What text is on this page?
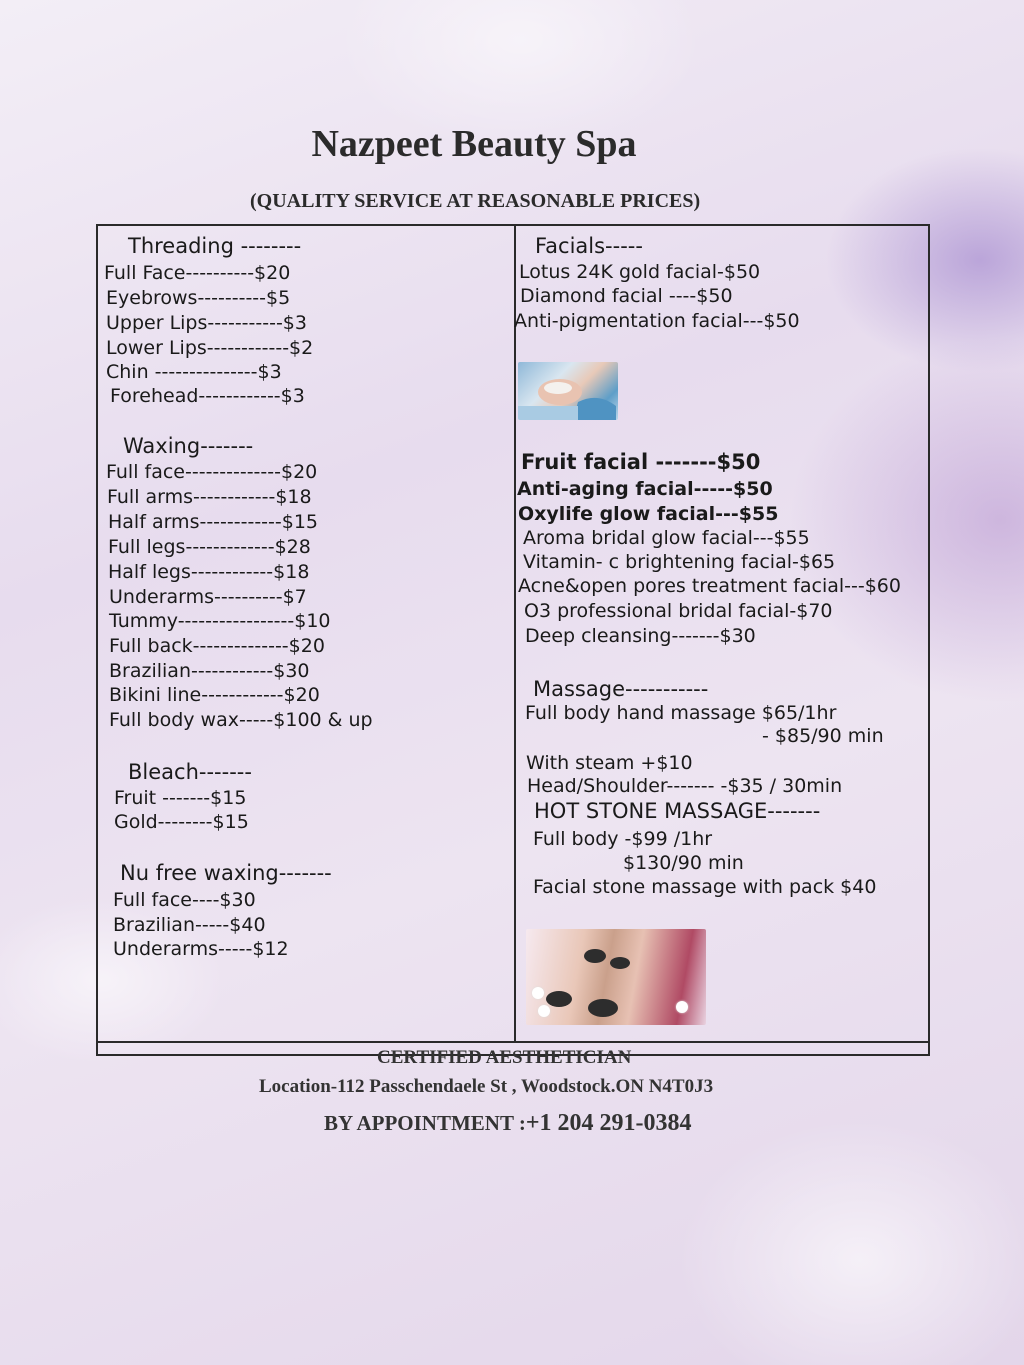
Nazpeet Beauty Spa
(QUALITY SERVICE AT REASONABLE PRICES)
Threading --------
Full Face----------$20
Eyebrows----------$5
Upper Lips-----------$3
Lower Lips------------$2
Chin ---------------$3
Forehead------------$3
Waxing-------
Full face--------------$20
Full arms------------$18
Half arms------------$15
Full legs-------------$28
Half legs------------$18
Underarms----------$7
Tummy-----------------$10
Full back--------------$20
Brazilian------------$30
Bikini line------------$20
Full body wax-----$100 & up
Bleach-------
Fruit -------$15
Gold--------$15
Nu free waxing-------
Full face----$30
Brazilian-----$40
Underarms-----$12
Facials-----
Lotus 24K gold facial-$50
Diamond facial ----$50
Anti-pigmentation facial---$50
Fruit facial -------$50
Anti-aging facial-----$50
Oxylife glow facial---$55
Aroma bridal glow facial---$55
Vitamin- c brightening facial-$65
Acne&open pores treatment facial---$60
O3 professional bridal facial-$70
Deep cleansing-------$30
Massage-----------
Full body hand massage $65/1hr
- $85/90 min
With steam +$10
Head/Shoulder------- -$35 / 30min
HOT STONE MASSAGE-------
Full body -$99 /1hr
$130/90 min
Facial stone massage with pack $40
CERTIFIED AESTHETICIAN
Location-112 Passchendaele St , Woodstock.ON N4T0J3
BY APPOINTMENT :+1 204 291-0384
